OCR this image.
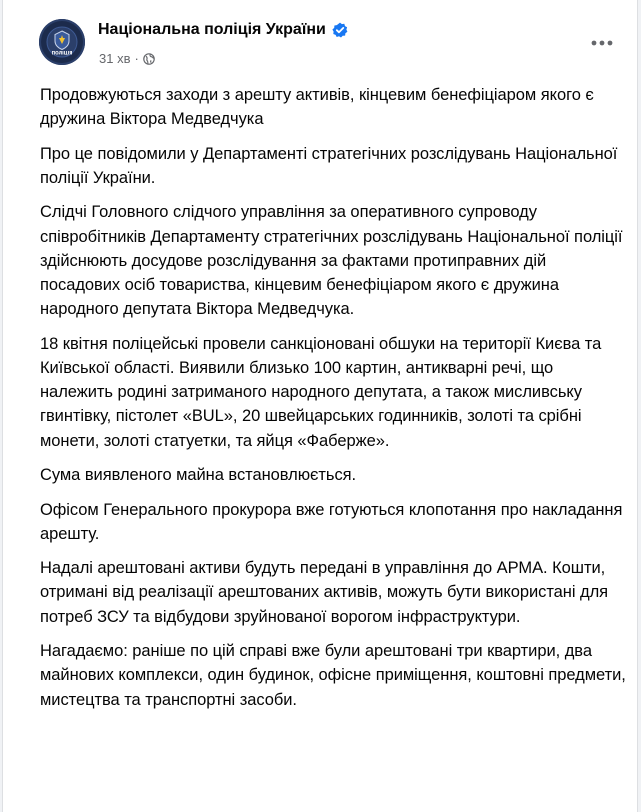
ПОЛІЦІЯ
Національна поліція України
31 хв ·

Продовжуються заходи з арешту активів, кінцевим бенефіціаром якого є дружина Віктора Медведчука

Про це повідомили у Департаменті стратегічних розслідувань Національної поліції України.

Слідчі Головного слідчого управління за оперативного супроводу співробітників Департаменту стратегічних розслідувань Національної поліції здійснюють досудове розслідування за фактами протиправних дій посадових осіб товариства, кінцевим бенефіціаром якого є дружина народного депутата Віктора Медведчука.

18 квітня поліцейські провели санкціоновані обшуки на території Києва та Київської області. Виявили близько 100 картин, антикварні речі, що належить родині затриманого народного депутата, а також мисливську гвинтівку, пістолет «BUL», 20 швейцарських годинників, золоті та срібні монети, золоті статуетки, та яйця «Фаберже».

Сума виявленого майна встановлюється.

Офісом Генерального прокурора вже готуються клопотання про накладання арешту.

Надалі арештовані активи будуть передані в управління до АРМА. Кошти, отримані від реалізації арештованих активів, можуть бути використані для потреб ЗСУ та відбудови зруйнованої ворогом інфраструктури.

Нагадаємо: раніше по цій справі вже були арештовані три квартири, два майнових комплекси, один будинок, офісне приміщення, коштовні предмети, мистецтва та транспортні засоби.
